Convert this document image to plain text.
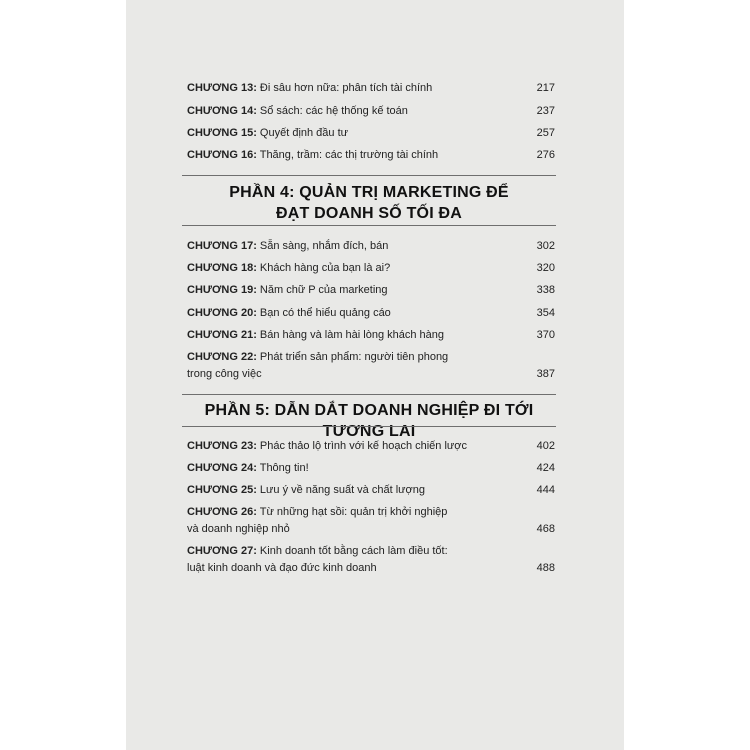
CHƯƠNG 13: Đi sâu hơn nữa: phân tích tài chính	217
CHƯƠNG 14: Sổ sách: các hệ thống kế toán	237
CHƯƠNG 15: Quyết định đầu tư	257
CHƯƠNG 16: Thăng, trầm: các thị trường tài chính	276
PHẦN 4: QUẢN TRỊ MARKETING ĐỂ
ĐẠT DOANH SỐ TỐI ĐA
CHƯƠNG 17: Sẵn sàng, nhắm đích, bán	302
CHƯƠNG 18: Khách hàng của bạn là ai?	320
CHƯƠNG 19: Năm chữ P của marketing	338
CHƯƠNG 20: Bạn có thể hiểu quảng cáo	354
CHƯƠNG 21: Bán hàng và làm hài lòng khách hàng	370
CHƯƠNG 22: Phát triển sản phẩm: người tiên phong
trong công việc	387
PHẦN 5: DẪN DẮT DOANH NGHIỆP ĐI TỚI TƯƠNG LAI
CHƯƠNG 23: Phác thảo lộ trình với kế hoạch chiến lược	402
CHƯƠNG 24: Thông tin!	424
CHƯƠNG 25: Lưu ý về năng suất và chất lượng	444
CHƯƠNG 26: Từ những hạt sồi: quản trị khởi nghiệp
và doanh nghiệp nhỏ	468
CHƯƠNG 27: Kinh doanh tốt bằng cách làm điều tốt:
luật kinh doanh và đạo đức kinh doanh	488
